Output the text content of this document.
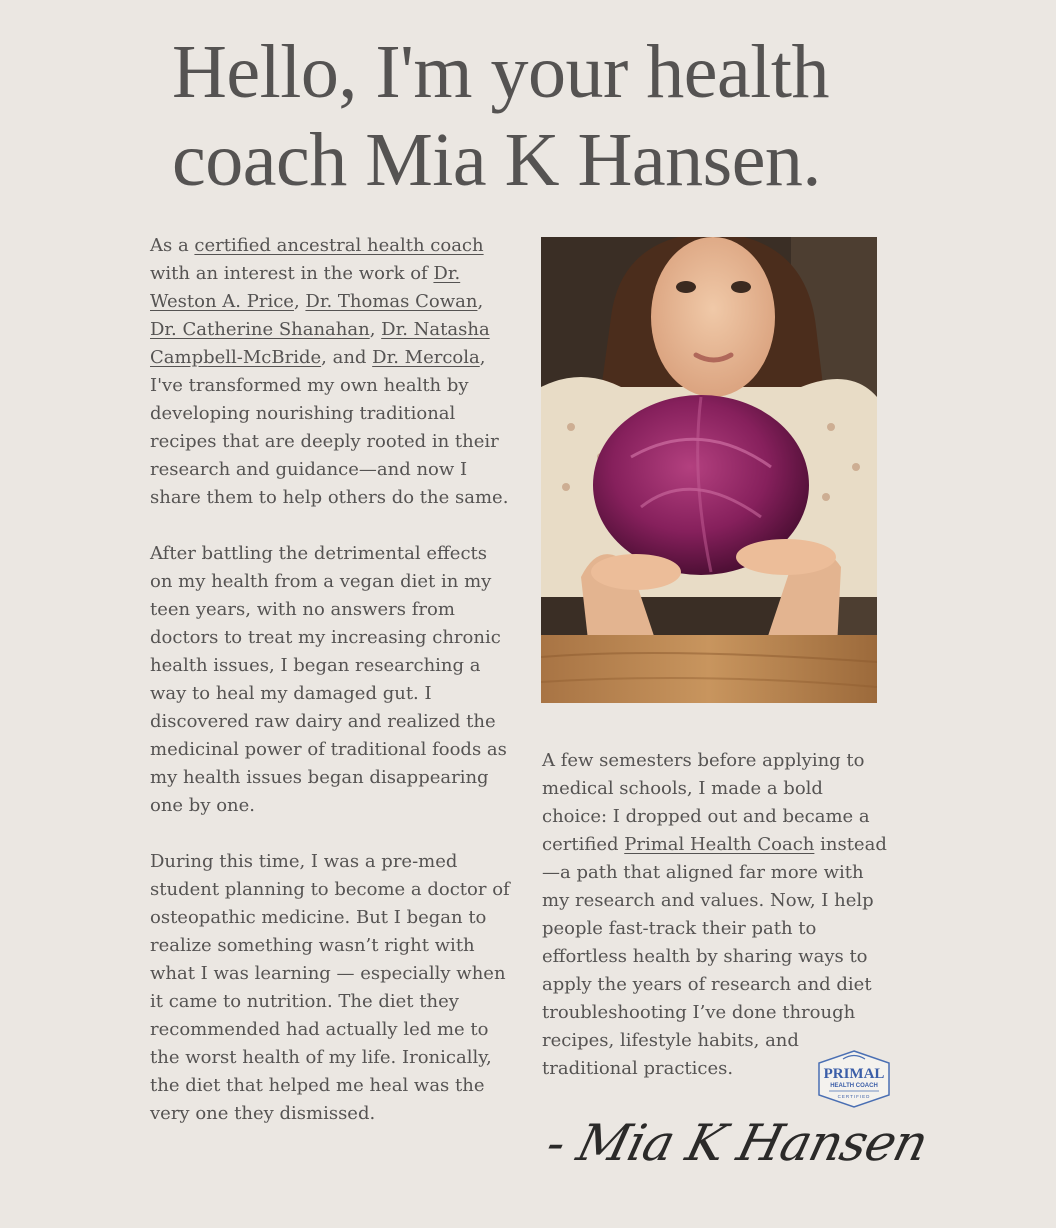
Hello, I'm your health
coach Mia K Hansen.

As a certified ancestral health coach with an interest in the work of Dr. Weston A. Price, Dr. Thomas Cowan, Dr. Catherine Shanahan, Dr. Natasha Campbell-McBride, and Dr. Mercola, I've transformed my own health by developing nourishing traditional recipes that are deeply rooted in their research and guidance—and now I share them to help others do the same.

After battling the detrimental effects on my health from a vegan diet in my teen years, with no answers from doctors to treat my increasing chronic health issues, I began researching a way to heal my damaged gut. I discovered raw dairy and realized the medicinal power of traditional foods as my health issues began disappearing one by one.

During this time, I was a pre-med student planning to become a doctor of osteopathic medicine. But I began to realize something wasn’t right with what I was learning — especially when it came to nutrition. The diet they recommended had actually led me to the worst health of my life. Ironically, the diet that helped me heal was the very one they dismissed.

A few semesters before applying to medical schools, I made a bold choice: I dropped out and became a certified Primal Health Coach instead—a path that aligned far more with my research and values. Now, I help people fast-track their path to effortless health by sharing ways to apply the years of research and diet troubleshooting I’ve done through recipes, lifestyle habits, and traditional practices.	PRIMAL
HEALTH COACH
CERTIFIED
- Mia K Hansen
